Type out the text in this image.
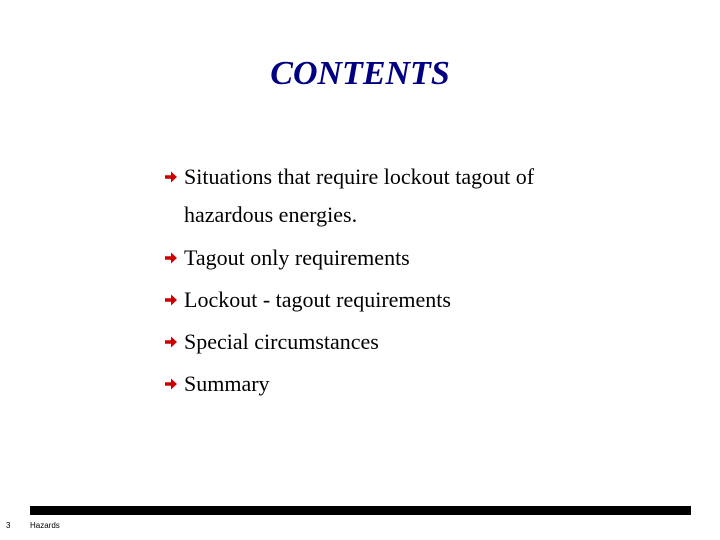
CONTENTS
Situations that require lockout tagout of hazardous energies.
Tagout only requirements
Lockout - tagout requirements
Special circumstances
Summary
3 Hazards
